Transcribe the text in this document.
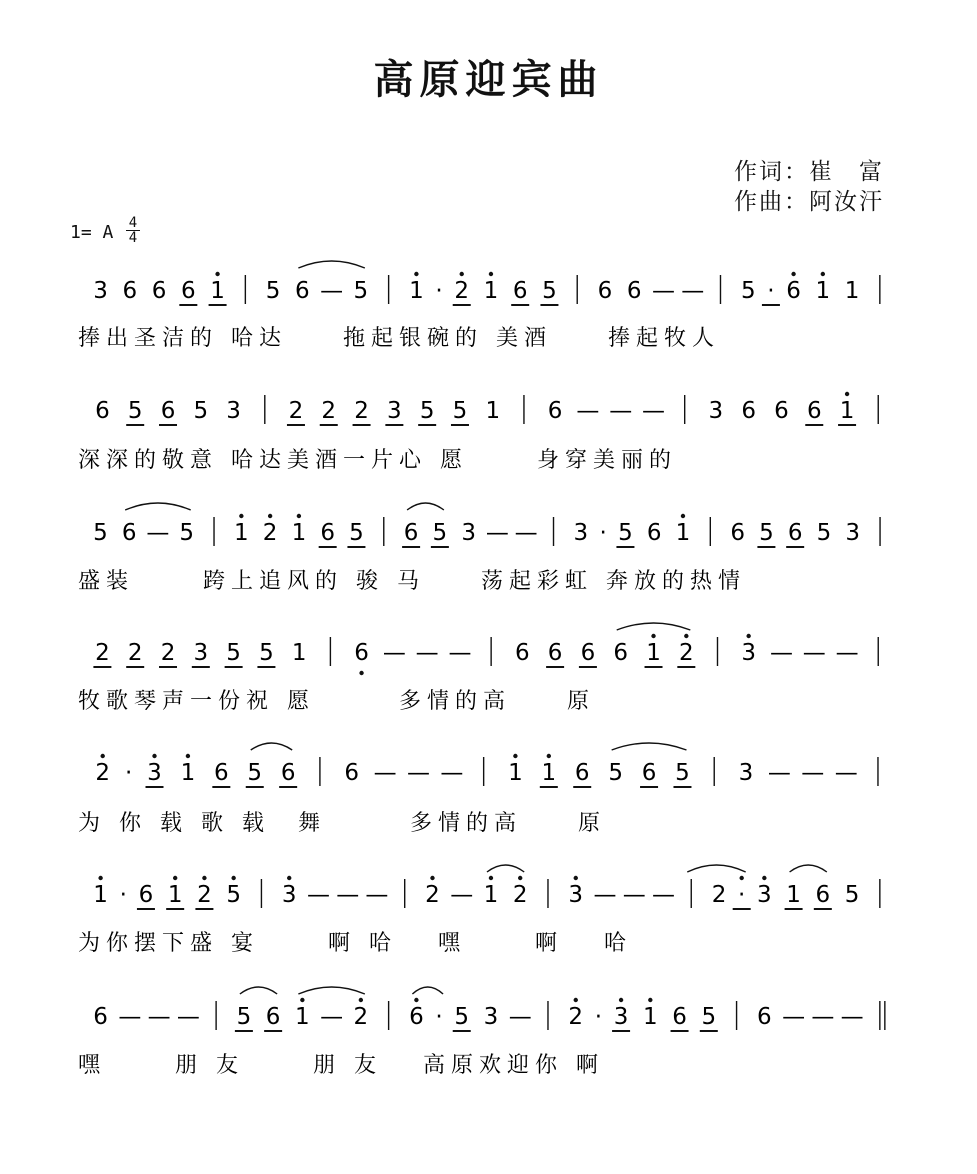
高原迎宾曲
作词：崔　富
作曲：阿汝汗
1= A $\frac{4}{4}$
3 6 6 6 1 5 6 — 5 1 · 2 1 6 5 6 6 — — 5 · 6 1 1
捧出圣洁的 哈达　　拖起银碗的 美酒　　捧起牧人
6 5 6 5 3 2 2 2 3 5 5 1 6 — — — 3 6 6 6 1
深深的敬意 哈达美酒一片心 愿　　 身穿美丽的
5 6 — 5 1 2 1 6 5 6 5 3 — — 3 · 5 6 1 6 5 6 5 3
盛装　　 跨上追风的 骏 马　　荡起彩虹 奔放的热情
2 2 2 3 5 5 1 6 — — — 6 6 6 6 1 2 3 — — —
牧歌琴声一份祝 愿　　　多情的高　　原
2 · 3 1 6 5 6 6 — — — 1 1 6 5 6 5 3 — — —
为 你 载 歌 载　舞　　　多情的高　　原
1 · 6 1 2 5 3 — — — 2 — 1 2 3 — — — 2 · 3 1 6 5
为你摆下盛 宴　　 啊 哈　 嘿　　 啊　 哈
6 — — — 5 6 1 — 2 6 · 5 3 — 2 · 3 1 6 5 6 — — —
嘿　　 朋 友　　 朋 友　 高原欢迎你 啊
